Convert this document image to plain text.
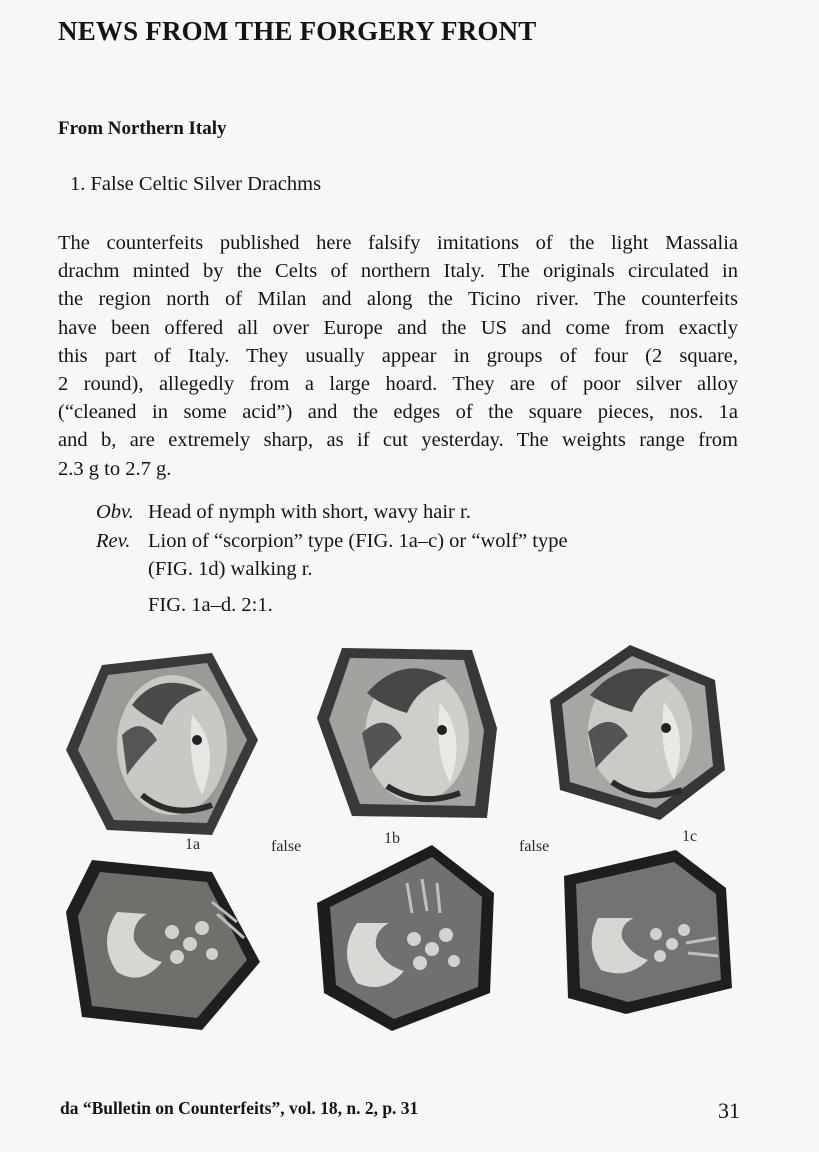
NEWS FROM THE FORGERY FRONT
From Northern Italy

1. False Celtic Silver Drachms

The counterfeits published here falsify imitations of the light Massalia
drachm minted by the Celts of northern Italy. The originals circulated in
the region north of Milan and along the Ticino river. The counterfeits
have been offered all over Europe and the US and come from exactly
this part of Italy. They usually appear in groups of four (2 square,
2 round), allegedly from a large hoard. They are of poor silver alloy
(“cleaned in some acid”) and the edges of the square pieces, nos. 1a
and b, are extremely sharp, as if cut yesterday. The weights range from
2.3 g to 2.7 g.

Obv. Head of nymph with short, wavy hair r.
Rev. Lion of “scorpion” type (FIG. 1a–c) or “wolf” type
(FIG. 1d) walking r.

FIG. 1a–d. 2:1.

1a	false	1b	false
1c

da “Bulletin on Counterfeits”, vol. 18, n. 2, p. 31	31
